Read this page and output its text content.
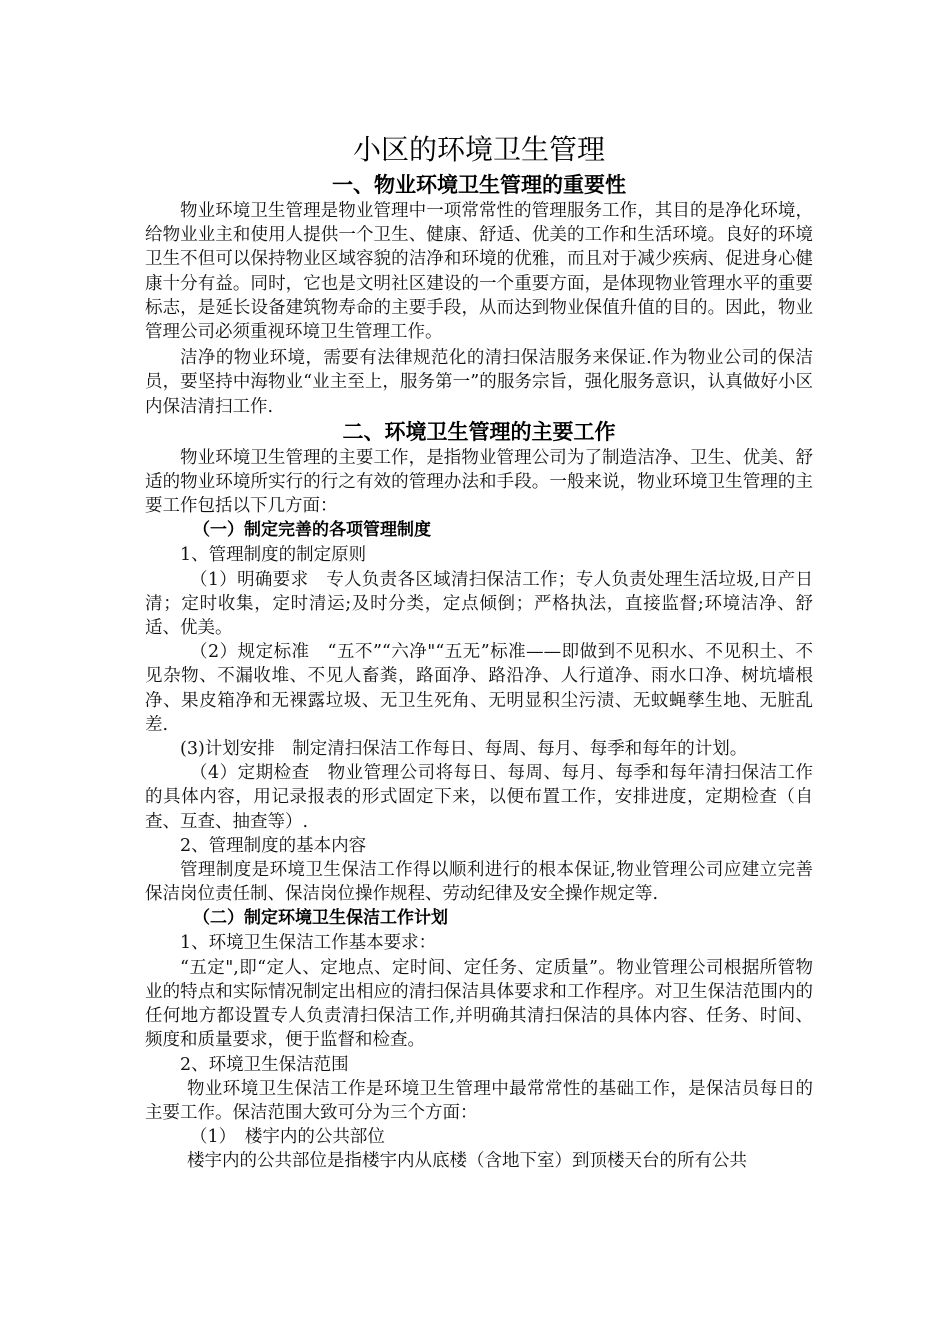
小区的环境卫生管理
一、物业环境卫生管理的重要性

物业环境卫生管理是物业管理中一项常常性的管理服务工作，其目的是净化环境，给物业业主和使用人提供一个卫生、健康、舒适、优美的工作和生活环境。良好的环境卫生不但可以保持物业区域容貌的洁净和环境的优雅，而且对于减少疾病、促进身心健康十分有益。同时，它也是文明社区建设的一个重要方面，是体现物业管理水平的重要标志，是延长设备建筑物寿命的主要手段，从而达到物业保值升值的目的。因此，物业管理公司必须重视环境卫生管理工作。

洁净的物业环境，需要有法律规范化的清扫保洁服务来保证.作为物业公司的保洁员，要坚持中海物业“业主至上，服务第一”的服务宗旨，强化服务意识，认真做好小区内保洁清扫工作.

二、环境卫生管理的主要工作

物业环境卫生管理的主要工作，是指物业管理公司为了制造洁净、卫生、优美、舒适的物业环境所实行的行之有效的管理办法和手段。一般来说，物业环境卫生管理的主要工作包括以下几方面：

（一）制定完善的各项管理制度

1、管理制度的制定原则

（1）明确要求　专人负责各区域清扫保洁工作；专人负责处理生活垃圾,日产日清；定时收集，定时清运;及时分类，定点倾倒；严格执法，直接监督;环境洁净、舒适、优美。

（2）规定标准　“五不”“六净"“五无”标准——即做到不见积水、不见积土、不见杂物、不漏收堆、不见人畜粪，路面净、路沿净、人行道净、雨水口净、树坑墙根净、果皮箱净和无裸露垃圾、无卫生死角、无明显积尘污渍、无蚊蝇孳生地、无脏乱差.

(3)计划安排　制定清扫保洁工作每日、每周、每月、每季和每年的计划。

（4）定期检查　物业管理公司将每日、每周、每月、每季和每年清扫保洁工作的具体内容，用记录报表的形式固定下来，以便布置工作，安排进度，定期检查（自查、互查、抽查等）.

2、管理制度的基本内容

管理制度是环境卫生保洁工作得以顺利进行的根本保证,物业管理公司应建立完善保洁岗位责任制、保洁岗位操作规程、劳动纪律及安全操作规定等.

（二）制定环境卫生保洁工作计划

1、环境卫生保洁工作基本要求：

“五定",即“定人、定地点、定时间、定任务、定质量”。物业管理公司根据所管物业的特点和实际情况制定出相应的清扫保洁具体要求和工作程序。对卫生保洁范围内的任何地方都设置专人负责清扫保洁工作,并明确其清扫保洁的具体内容、任务、时间、频度和质量要求，便于监督和检查。

2、环境卫生保洁范围

物业环境卫生保洁工作是环境卫生管理中最常常性的基础工作，是保洁员每日的主要工作。保洁范围大致可分为三个方面：

（1）　楼宇内的公共部位

楼宇内的公共部位是指楼宇内从底楼（含地下室）到顶楼天台的所有公共
